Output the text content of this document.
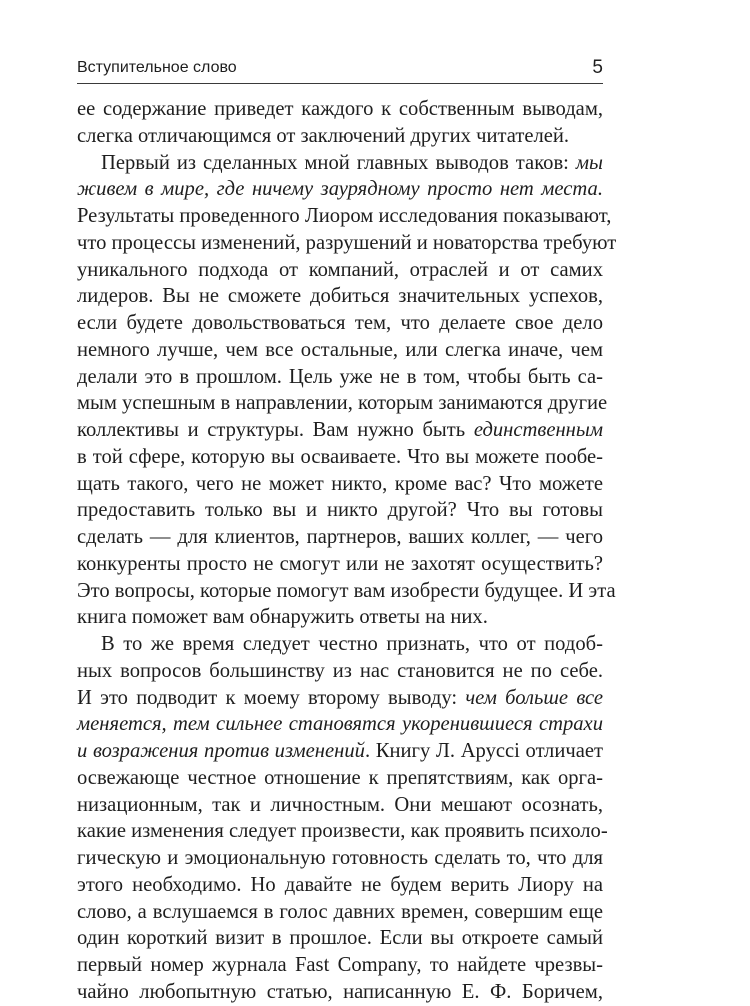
Вступительное слово	5
ее содержание приведет каждого к собственным выводам,
слегка отличающимся от заключений других читателей.
Первый из сделанных мной главных выводов таков: мы
живем в мире, где ничему заурядному просто нет места.
Результаты проведенного Лиором исследования показывают,
что процессы изменений, разрушений и новаторства требуют
уникального подхода от компаний, отраслей и от самих
лидеров. Вы не сможете добиться значительных успехов,
если будете довольствоваться тем, что делаете свое дело
немного лучше, чем все остальные, или слегка иначе, чем
делали это в прошлом. Цель уже не в том, чтобы быть са-
мым успешным в направлении, которым занимаются другие
коллективы и структуры. Вам нужно быть единственным
в той сфере, которую вы осваиваете. Что вы можете пообе-
щать такого, чего не может никто, кроме вас? Что можете
предоставить только вы и никто другой? Что вы готовы
сделать — для клиентов, партнеров, ваших коллег, — чего
конкуренты просто не смогут или не захотят осуществить?
Это вопросы, которые помогут вам изобрести будущее. И эта
книга поможет вам обнаружить ответы на них.
В то же время следует честно признать, что от подоб-
ных вопросов большинству из нас становится не по себе.
И это подводит к моему второму выводу: чем больше все
меняется, тем сильнее становятся укоренившиеся страхи
и возражения против изменений. Книгу Л. Аруссi отличает
освежающе честное отношение к препятствиям, как орга-
низационным, так и личностным. Они мешают осознать,
какие изменения следует произвести, как проявить психоло-
гическую и эмоциональную готовность сделать то, что для
этого необходимо. Но давайте не будем верить Лиору на
слово, а вслушаемся в голос давних времен, совершим еще
один короткий визит в прошлое. Если вы откроете самый
первый номер журнала Fast Company, то найдете чрезвы-
чайно любопытную статью, написанную Е. Ф. Боричем,
